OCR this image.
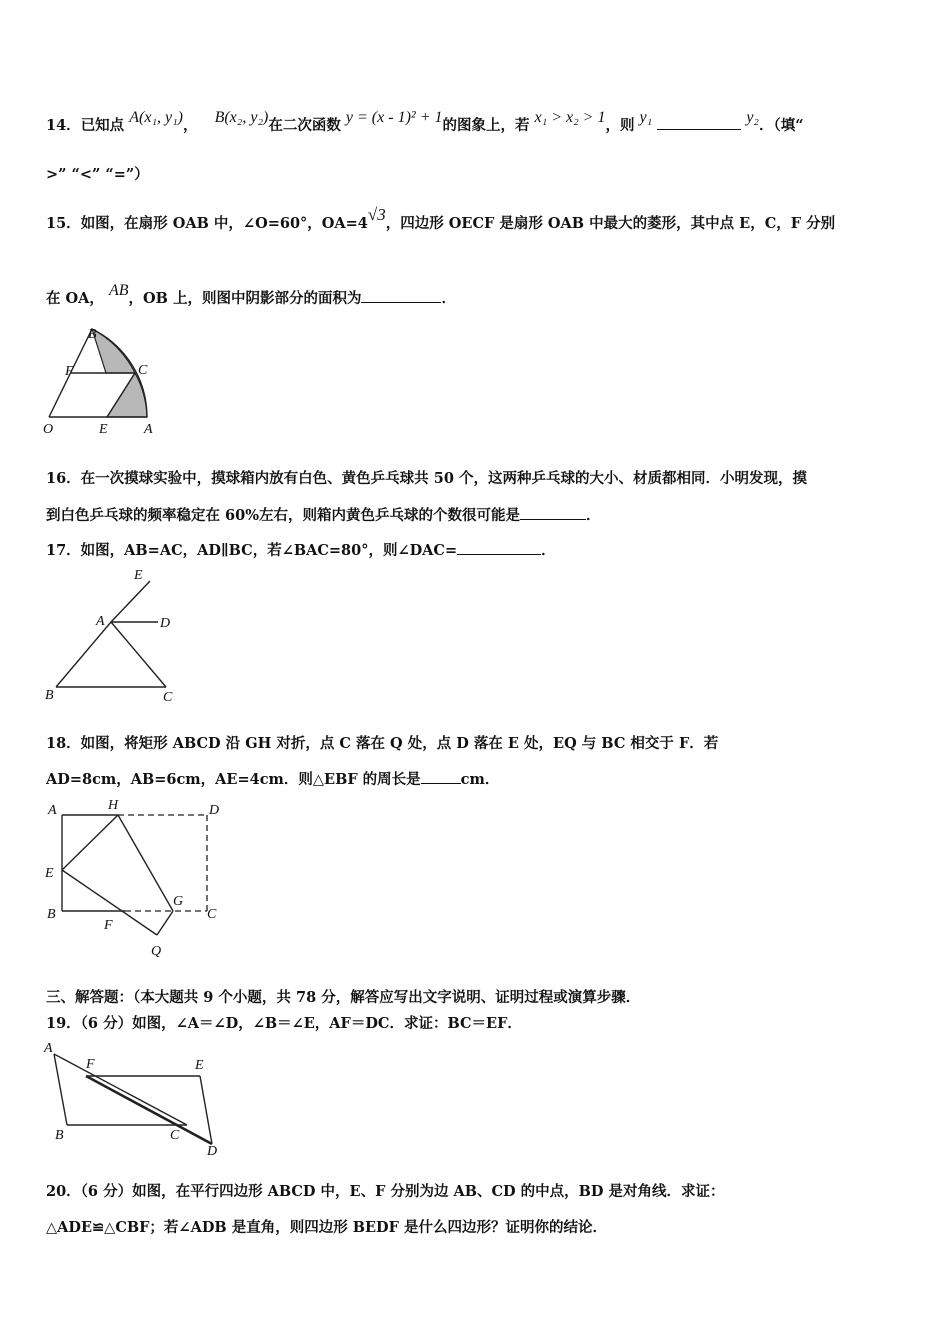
14．已知点 A(x₁, y₁)， B(x₂, y₂)在二次函数 y = (x - 1)² + 1的图象上，若 x₁ > x₂ > 1，则 y₁	y₂．（填“
>” “<” “=”）
15．如图，在扇形 OAB 中，∠O=60°，OA=4√3，四边形 OECF 是扇形 OAB 中最大的菱形，其中点 E，C，F 分别
在 OA， AB，OB 上，则图中阴影部分的面积为	．
B
F	C
O	E	A
16．在一次摸球实验中，摸球箱内放有白色、黄色乒乓球共 50 个，这两种乒乓球的大小、材质都相同．小明发现，摸
到白色乒乓球的频率稳定在 60%左右，则箱内黄色乒乓球的个数很可能是	．
17．如图，AB=AC，AD∥BC，若∠BAC=80°，则∠DAC=	．
E
A	D
B	C
18．如图，将矩形 ABCD 沿 GH 对折，点 C 落在 Q 处，点 D 落在 E 处，EQ 与 BC 相交于 F．若
AD=8cm，AB=6cm，AE=4cm．则△EBF 的周长是	cm．
A	H	D
E
G
B
F
C
Q
三、解答题：（本大题共 9 个小题，共 78 分，解答应写出文字说明、证明过程或演算步骤．
19．（6 分）如图，∠A＝∠D，∠B＝∠E，AF＝DC．求证：BC＝EF．
A
F	E
B	C
D
20．（6 分）如图，在平行四边形 ABCD 中，E、F 分别为边 AB、CD 的中点，BD 是对角线．求证：
△ADE≌△CBF；若∠ADB 是直角，则四边形 BEDF 是什么四边形？证明你的结论．
